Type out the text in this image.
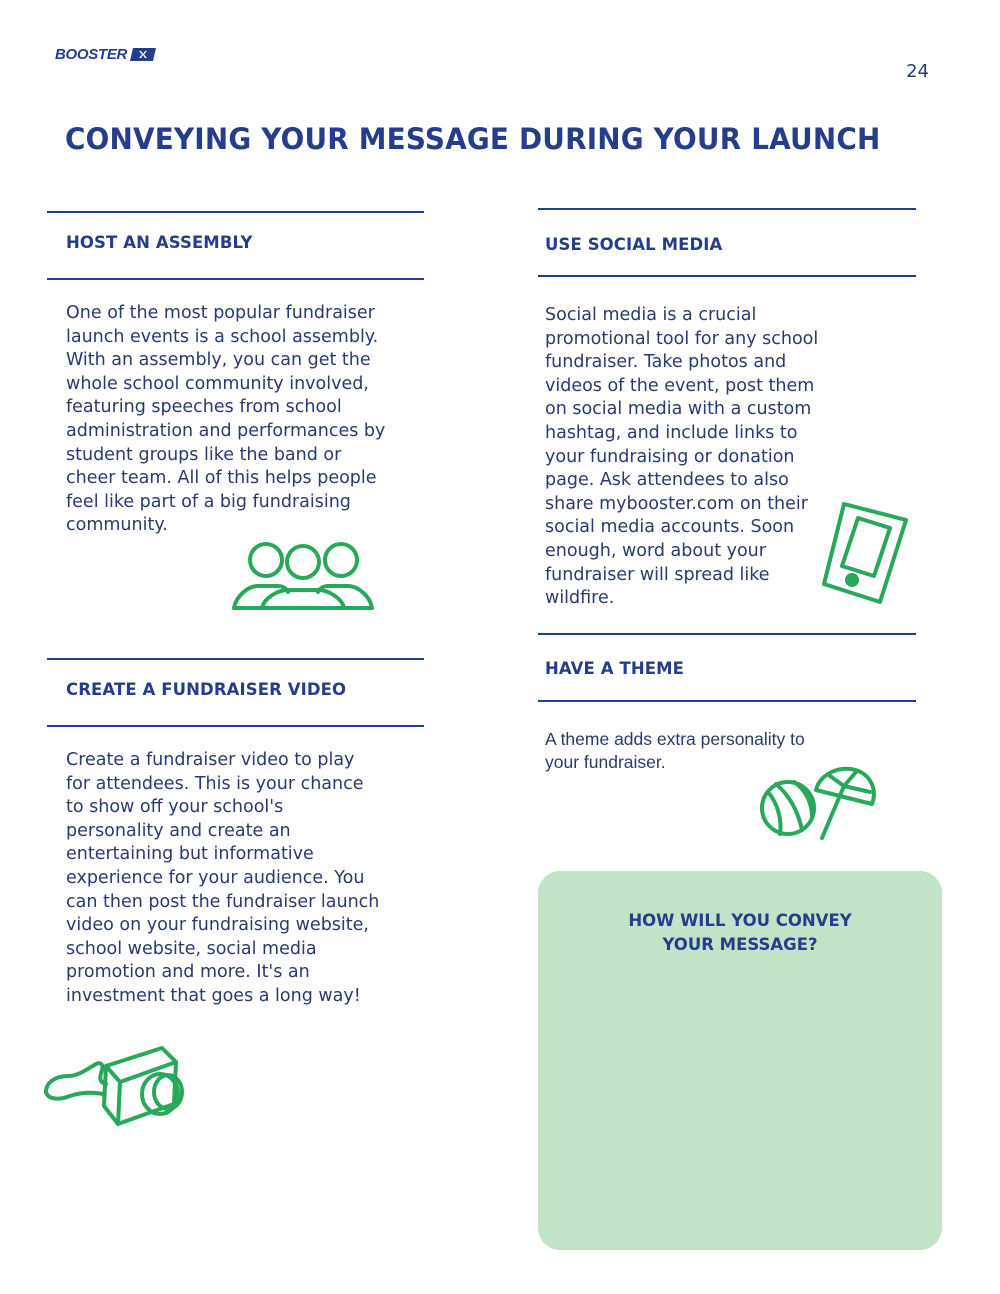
BOOSTER
24
CONVEYING YOUR MESSAGE DURING YOUR LAUNCH
HOST AN ASSEMBLY

One of the most popular fundraiser
launch events is a school assembly.
With an assembly, you can get the
whole school community involved,
featuring speeches from school
administration and performances by
student groups like the band or
cheer team. All of this helps people
feel like part of a big fundraising
community.

CREATE A FUNDRAISER VIDEO

Create a fundraiser video to play
for attendees. This is your chance
to show off your school's
personality and create an
entertaining but informative
experience for your audience. You
can then post the fundraiser launch
video on your fundraising website,
school website, social media
promotion and more. It's an
investment that goes a long way!

USE SOCIAL MEDIA

Social media is a crucial
promotional tool for any school
fundraiser. Take photos and
videos of the event, post them
on social media with a custom
hashtag, and include links to
your fundraising or donation
page. Ask attendees to also
share mybooster.com on their
social media accounts. Soon
enough, word about your
fundraiser will spread like
wildfire.

HAVE A THEME

A theme adds extra personality to
your fundraiser.

HOW WILL YOU CONVEY
YOUR MESSAGE?
